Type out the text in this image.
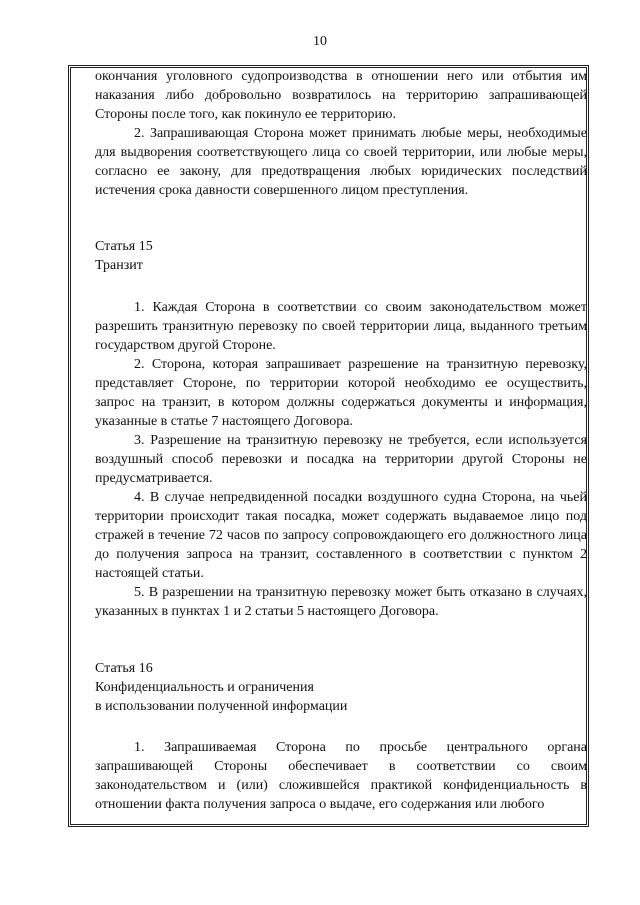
10

окончания уголовного судопроизводства в отношении него или отбытия им наказания либо добровольно возвратилось на территорию запрашивающей Стороны после того, как покинуло ее территорию.

2. Запрашивающая Сторона может принимать любые меры, необходимые для выдворения соответствующего лица со своей территории, или любые меры, согласно ее закону, для предотвращения любых юридических последствий истечения срока давности совершенного лицом преступления.

Статья 15

Транзит

1. Каждая Сторона в соответствии со своим законодательством может разрешить транзитную перевозку по своей территории лица, выданного третьим государством другой Стороне.

2. Сторона, которая запрашивает разрешение на транзитную перевозку, представляет Стороне, по территории которой необходимо ее осуществить, запрос на транзит, в котором должны содержаться документы и информация, указанные в статье 7 настоящего Договора.

3. Разрешение на транзитную перевозку не требуется, если используется воздушный способ перевозки и посадка на территории другой Стороны не предусматривается.

4. В случае непредвиденной посадки воздушного судна Сторона, на чьей территории происходит такая посадка, может содержать выдаваемое лицо под стражей в течение 72 часов по запросу сопровождающего его должностного лица до получения запроса на транзит, составленного в соответствии с пунктом 2 настоящей статьи.

5. В разрешении на транзитную перевозку может быть отказано в случаях, указанных в пунктах 1 и 2 статьи 5 настоящего Договора.

Статья 16

Конфиденциальность и ограничения

в использовании полученной информации

1. Запрашиваемая Сторона по просьбе центрального органа запрашивающей Стороны обеспечивает в соответствии со своим законодательством и (или) сложившейся практикой конфиденциальность в отношении факта получения запроса о выдаче, его содержания или любого
